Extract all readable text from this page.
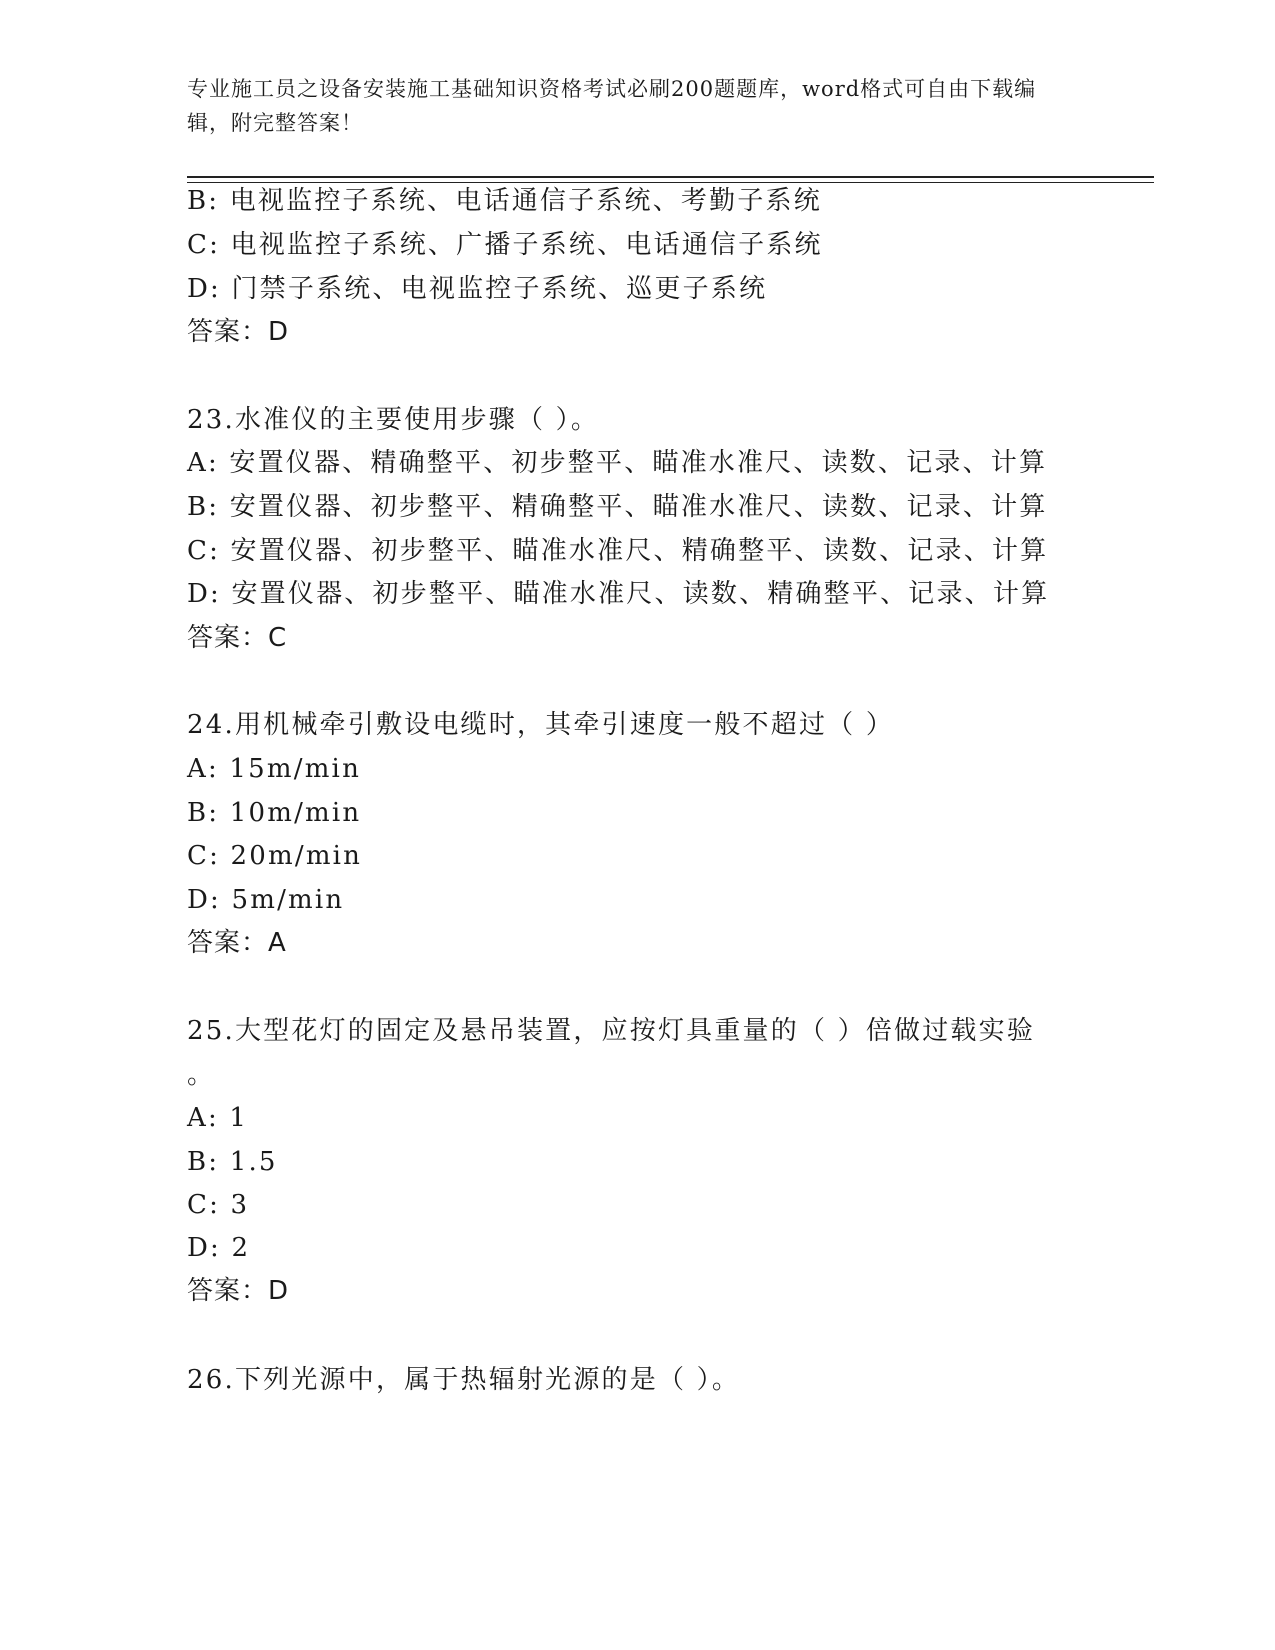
专业施工员之设备安装施工基础知识资格考试必刷200题题库，word格式可自由下载编辑，附完整答案！
B: 电视监控子系统、电话通信子系统、考勤子系统
C: 电视监控子系统、广播子系统、电话通信子系统
D: 门禁子系统、电视监控子系统、巡更子系统
答案：D
23.水准仪的主要使用步骤（ ）。
A: 安置仪器、精确整平、初步整平、瞄准水准尺、读数、记录、计算
B: 安置仪器、初步整平、精确整平、瞄准水准尺、读数、记录、计算
C: 安置仪器、初步整平、瞄准水准尺、精确整平、读数、记录、计算
D: 安置仪器、初步整平、瞄准水准尺、读数、精确整平、记录、计算
答案：C
24.用机械牵引敷设电缆时，其牵引速度一般不超过（ ）
A: 15m/min
B: 10m/min
C: 20m/min
D: 5m/min
答案：A
25.大型花灯的固定及悬吊装置，应按灯具重量的（ ）倍做过载实验
。
A: 1
B: 1.5
C: 3
D: 2
答案：D
26.下列光源中，属于热辐射光源的是（ ）。
